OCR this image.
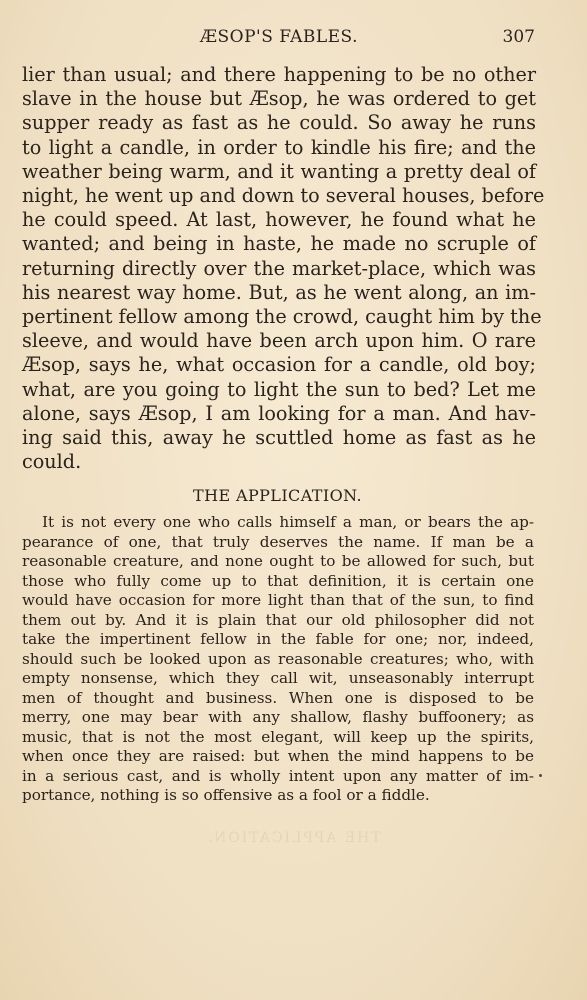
THE APPLICATION.
ÆSOP'S FABLES.	307
lier than usual; and there happening to be no other
slave in the house but Æsop, he was ordered to get
supper ready as fast as he could. So away he runs
to light a candle, in order to kindle his fire; and the
weather being warm, and it wanting a pretty deal of
night, he went up and down to several houses, before
he could speed. At last, however, he found what he
wanted; and being in haste, he made no scruple of
returning directly over the market-place, which was
his nearest way home. But, as he went along, an im-
pertinent fellow among the crowd, caught him by the
sleeve, and would have been arch upon him. O rare
Æsop, says he, what occasion for a candle, old boy;
what, are you going to light the sun to bed? Let me
alone, says Æsop, I am looking for a man. And hav-
ing said this, away he scuttled home as fast as he
could.
THE APPLICATION.
It is not every one who calls himself a man, or bears the ap-
pearance of one, that truly deserves the name. If man be a
reasonable creature, and none ought to be allowed for such, but
those who fully come up to that definition, it is certain one
would have occasion for more light than that of the sun, to find
them out by. And it is plain that our old philosopher did not
take the impertinent fellow in the fable for one; nor, indeed,
should such be looked upon as reasonable creatures; who, with
empty nonsense, which they call wit, unseasonably interrupt
men of thought and business. When one is disposed to be
merry, one may bear with any shallow, flashy buffoonery; as
music, that is not the most elegant, will keep up the spirits,
when once they are raised: but when the mind happens to be
in a serious cast, and is wholly intent upon any matter of im-
portance, nothing is so offensive as a fool or a fiddle.
